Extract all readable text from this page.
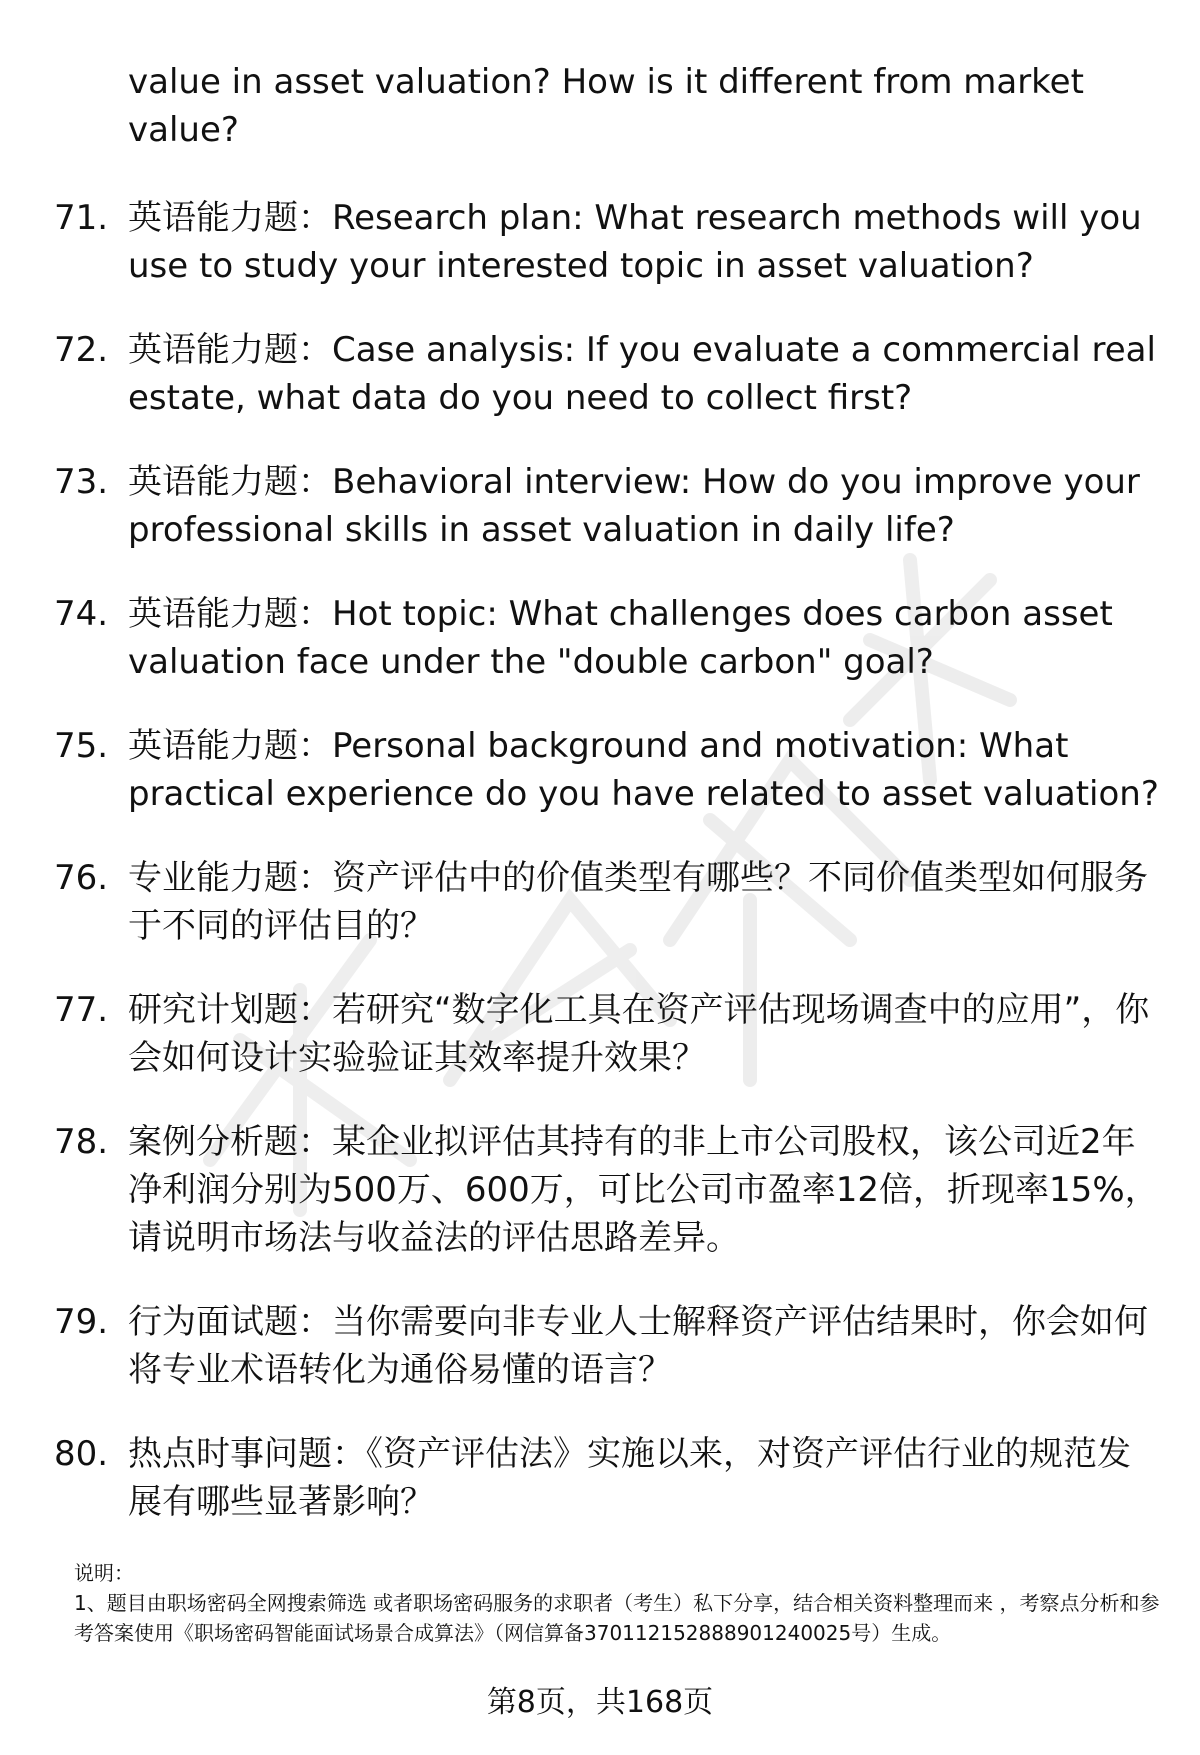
value in asset valuation? How is it different from market value?
71. 英语能力题：Research plan: What research methods will you use to study your interested topic in asset valuation?
72. 英语能力题：Case analysis: If you evaluate a commercial real estate, what data do you need to collect first?
73. 英语能力题：Behavioral interview: How do you improve your professional skills in asset valuation in daily life?
74. 英语能力题：Hot topic: What challenges does carbon asset valuation face under the "double carbon" goal?
75. 英语能力题：Personal background and motivation: What practical experience do you have related to asset valuation?
76. 专业能力题：资产评估中的价值类型有哪些？不同价值类型如何服务于不同的评估目的？
77. 研究计划题：若研究“数字化工具在资产评估现场调查中的应用”，你会如何设计实验验证其效率提升效果？
78. 案例分析题：某企业拟评估其持有的非上市公司股权，该公司近2年净利润分别为500万、600万，可比公司市盈率12倍，折现率15%，请说明市场法与收益法的评估思路差异。
79. 行为面试题：当你需要向非专业人士解释资产评估结果时，你会如何将专业术语转化为通俗易懂的语言？
80. 热点时事问题：《资产评估法》实施以来，对资产评估行业的规范发展有哪些显著影响？
说明：
1、题目由职场密码全网搜索筛选 或者职场密码服务的求职者（考生）私下分享，结合相关资料整理而来 ，考察点分析和参考答案使用《职场密码智能面试场景合成算法》（网信算备370112152888901240025号）生成。
第8页，共168页
